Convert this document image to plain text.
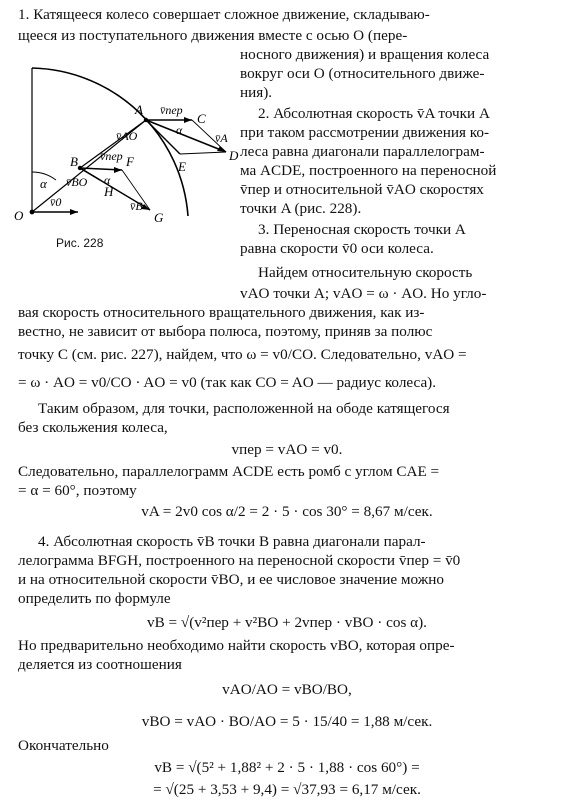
A
B
C
D
E
F
G
H
O
α
α
α
v̄пер
v̄пер
v̄AO
v̄BO
v̄B
v̄A
v̄0
Рис. 228
1. Катящееся колесо совершает сложное движение, складываю-
щееся из поступательного движения вместе с осью O (пере-
носного движения) и вращения колеса
вокруг оси O (относительного движе-
ния).
2. Абсолютная скорость v̄A точки A
при таком рассмотрении движения ко-
леса равна диагонали параллелограм-
ма ACDE, построенного на переносной
v̄пер и относительной v̄AO скоростях
точки A (рис. 228).
3. Переносная скорость точки A
равна скорости v̄0 оси колеса.
Найдем относительную скорость
vAO точки A; vAO = ω · AO. Но угло-
вая скорость относительного вращательного движения, как из-
вестно, не зависит от выбора полюса, поэтому, приняв за полюс
точку C (см. рис. 227), найдем, что ω = v0/CO. Следовательно, vAO =
= ω · AO = v0/CO · AO = v0 (так как CO = AO — радиус колеса).
Таким образом, для точки, расположенной на ободе катящегося
без скольжения колеса,
vпер = vAO = v0.
Следовательно, параллелограмм ACDE есть ромб с углом CAE =
= α = 60°, поэтому
vA = 2v0 cos α/2 = 2 · 5 · cos 30° = 8,67 м/сек.
4. Абсолютная скорость v̄B точки B равна диагонали парал-
лелограмма BFGH, построенного на переносной скорости v̄пер = v̄0
и на относительной скорости v̄BO, и ее числовое значение можно
определить по формуле
vB = √(v²пер + v²BO + 2vпер · vBO · cos α).
Но предварительно необходимо найти скорость vBO, которая опре-
деляется из соотношения
vAO/AO = vBO/BO,
vBO = vAO · BO/AO = 5 · 15/40 = 1,88 м/сек.
Окончательно
vB = √(5² + 1,88² + 2 · 5 · 1,88 · cos 60°) =
= √(25 + 3,53 + 9,4) = √37,93 = 6,17 м/сек.
